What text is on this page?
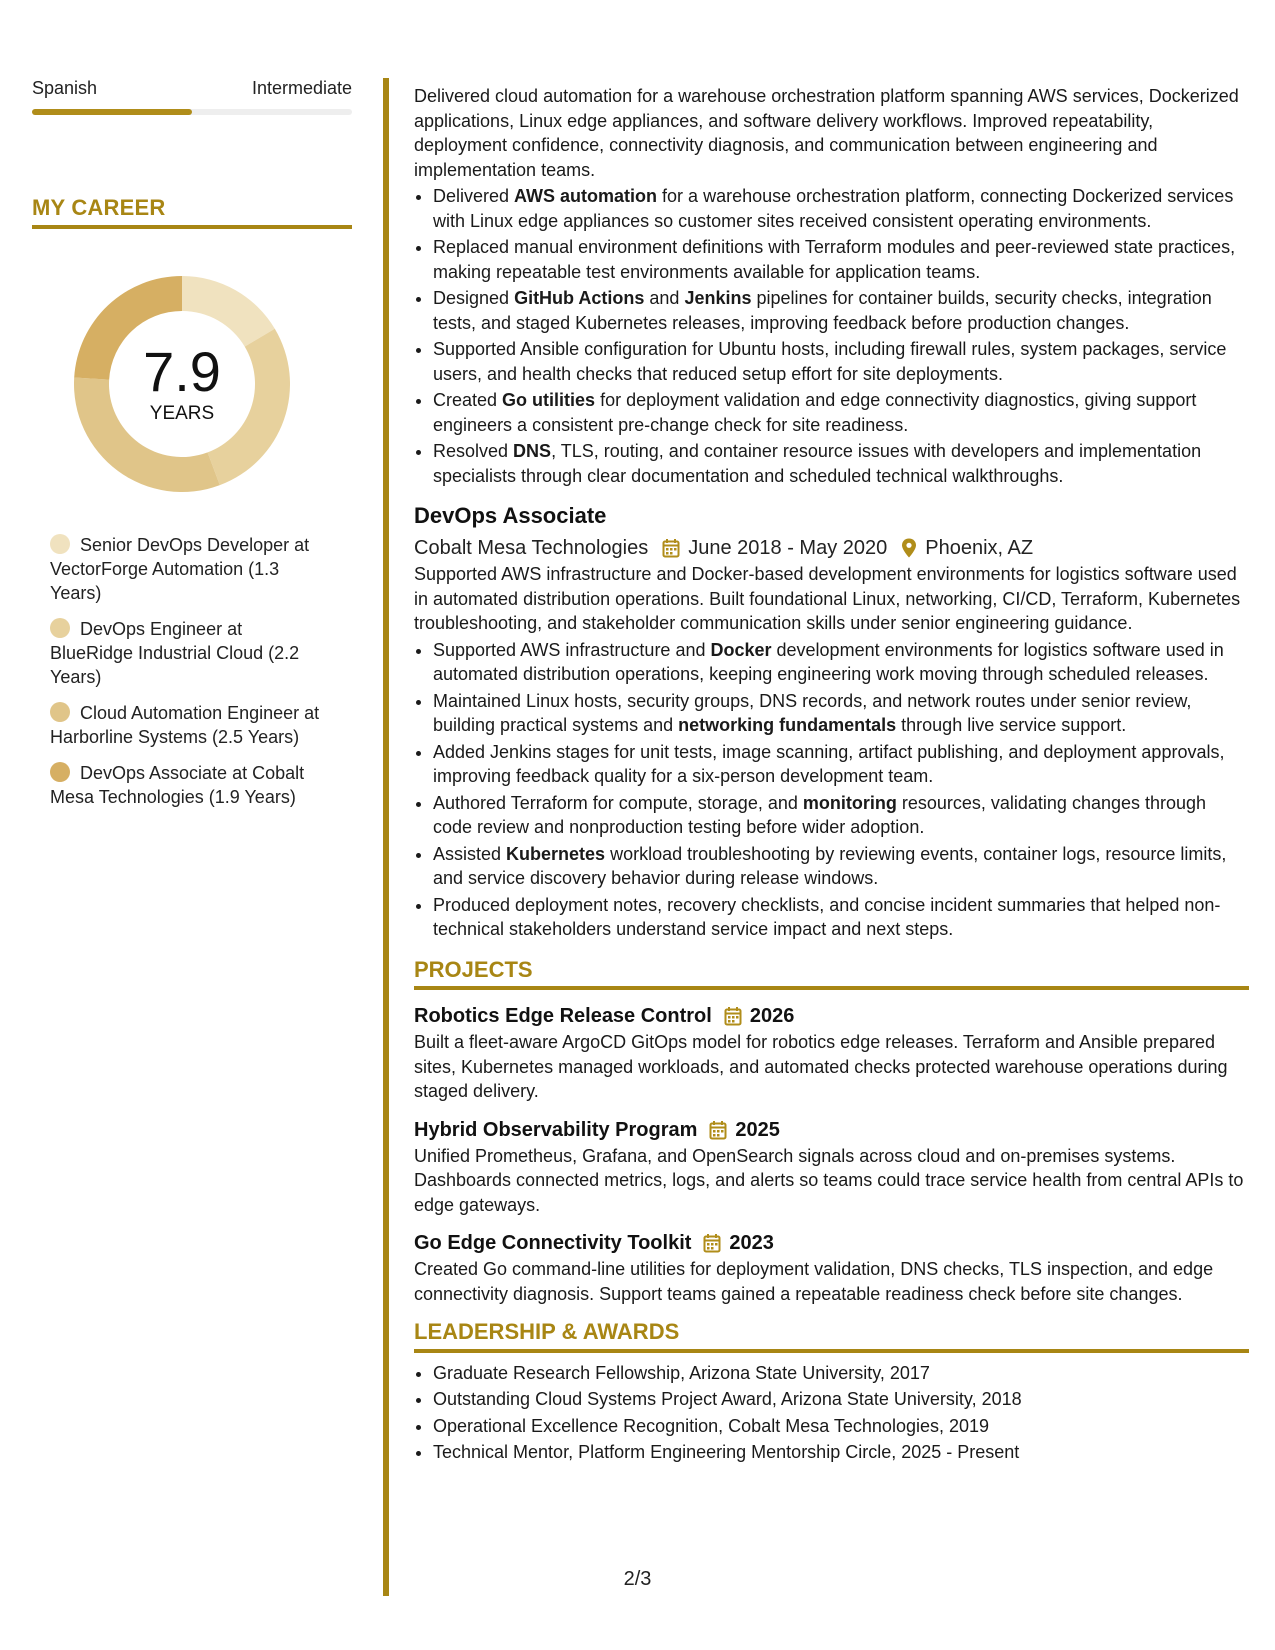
Spanish	Intermediate
MY CAREER
7.9
YEARS
Senior DevOps Developer at VectorForge Automation (1.3 Years)
DevOps Engineer at BlueRidge Industrial Cloud (2.2 Years)
Cloud Automation Engineer at Harborline Systems (2.5 Years)
DevOps Associate at Cobalt Mesa Technologies (1.9 Years)

Delivered cloud automation for a warehouse orchestration platform spanning AWS services, Dockerized applications, Linux edge appliances, and software delivery workflows. Improved repeatability, deployment confidence, connectivity diagnosis, and communication between engineering and implementation teams.

• Delivered AWS automation for a warehouse orchestration platform, connecting Dockerized services with Linux edge appliances so customer sites received consistent operating environments.
• Replaced manual environment definitions with Terraform modules and peer-reviewed state practices, making repeatable test environments available for application teams.
• Designed GitHub Actions and Jenkins pipelines for container builds, security checks, integration tests, and staged Kubernetes releases, improving feedback before production changes.
• Supported Ansible configuration for Ubuntu hosts, including firewall rules, system packages, service users, and health checks that reduced setup effort for site deployments.
• Created Go utilities for deployment validation and edge connectivity diagnostics, giving support engineers a consistent pre-change check for site readiness.
• Resolved DNS, TLS, routing, and container resource issues with developers and implementation specialists through clear documentation and scheduled technical walkthroughs.
DevOps Associate
Cobalt Mesa Technologies June 2018 - May 2020 Phoenix, AZ

Supported AWS infrastructure and Docker-based development environments for logistics software used in automated distribution operations. Built foundational Linux, networking, CI/CD, Terraform, Kubernetes troubleshooting, and stakeholder communication skills under senior engineering guidance.

• Supported AWS infrastructure and Docker development environments for logistics software used in automated distribution operations, keeping engineering work moving through scheduled releases.
• Maintained Linux hosts, security groups, DNS records, and network routes under senior review, building practical systems and networking fundamentals through live service support.
• Added Jenkins stages for unit tests, image scanning, artifact publishing, and deployment approvals, improving feedback quality for a six-person development team.
• Authored Terraform for compute, storage, and monitoring resources, validating changes through code review and nonproduction testing before wider adoption.
• Assisted Kubernetes workload troubleshooting by reviewing events, container logs, resource limits, and service discovery behavior during release windows.
• Produced deployment notes, recovery checklists, and concise incident summaries that helped non-technical stakeholders understand service impact and next steps.
PROJECTS
Robotics Edge Release Control 2026

Built a fleet-aware ArgoCD GitOps model for robotics edge releases. Terraform and Ansible prepared sites, Kubernetes managed workloads, and automated checks protected warehouse operations during staged delivery.

Hybrid Observability Program 2025

Unified Prometheus, Grafana, and OpenSearch signals across cloud and on-premises systems. Dashboards connected metrics, logs, and alerts so teams could trace service health from central APIs to edge gateways.

Go Edge Connectivity Toolkit 2023

Created Go command-line utilities for deployment validation, DNS checks, TLS inspection, and edge connectivity diagnosis. Support teams gained a repeatable readiness check before site changes.

LEADERSHIP & AWARDS
• Graduate Research Fellowship, Arizona State University, 2017
• Outstanding Cloud Systems Project Award, Arizona State University, 2018
• Operational Excellence Recognition, Cobalt Mesa Technologies, 2019
• Technical Mentor, Platform Engineering Mentorship Circle, 2025 - Present
2/3
